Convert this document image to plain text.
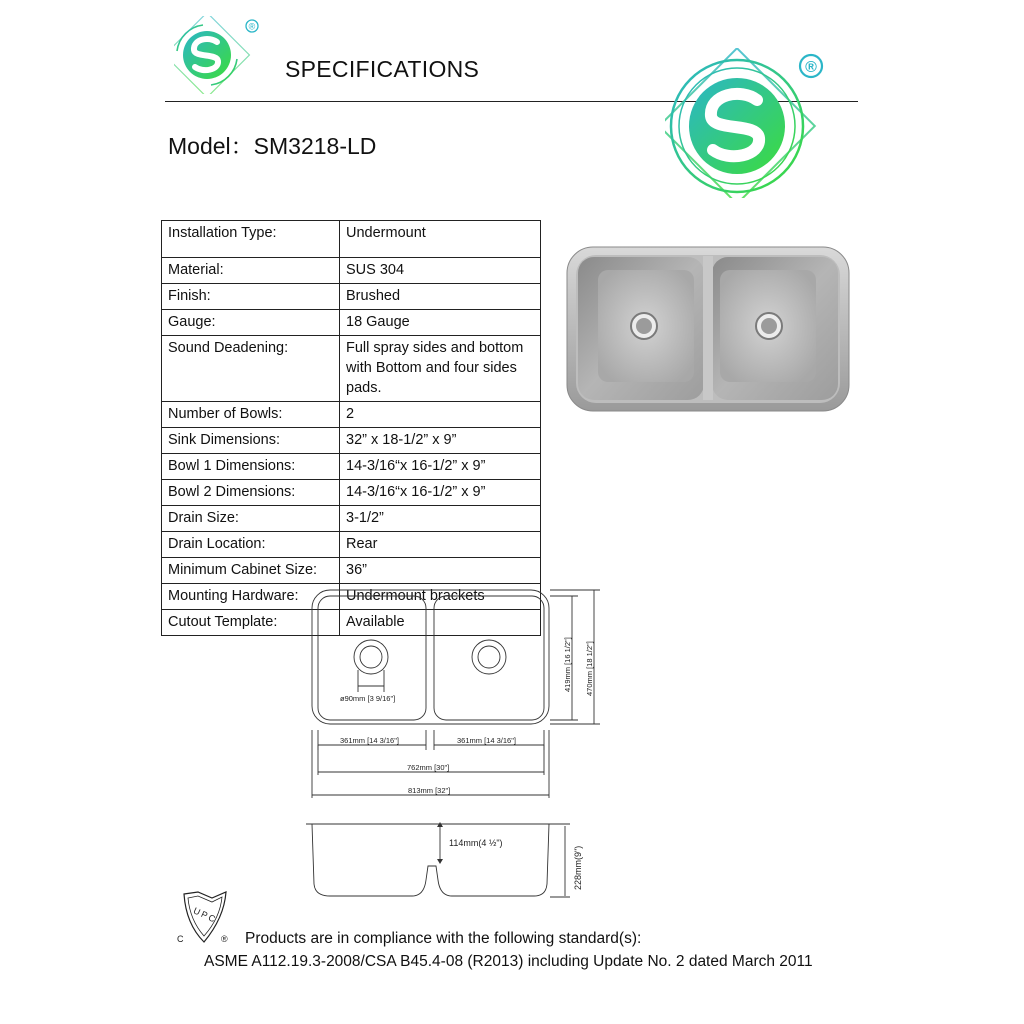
®
SPECIFICATIONS
Model：SM3218-LD
®
Installation Type:	Undermount
Material:	SUS 304
Finish:	Brushed
Gauge:	18 Gauge
Sound Deadening:	Full spray sides and bottom with Bottom and four sides pads.
Number of Bowls:	2
Sink Dimensions:	32” x 18-1/2” x 9”
Bowl 1 Dimensions:	14-3/16“x 16-1/2” x 9”
Bowl 2 Dimensions:	14-3/16“x 16-1/2” x 9”
Drain Size:	3-1/2”
Drain Location:	Rear
Minimum Cabinet Size:	36”
Mounting Hardware:	Undermount brackets
Cutout Template:	Available
ø90mm [3 9/16"]
361mm [14 3/16"]	361mm [14 3/16"]
762mm [30"]
813mm [32"]
419mm [16 1/2"] 470mm [18 1/2"]
114mm(4 ½")
228mm(9")
UPC
C	® Products are in compliance with the following standard(s):
ASME A112.19.3-2008/CSA B45.4-08 (R2013) including Update No. 2 dated March 2011
